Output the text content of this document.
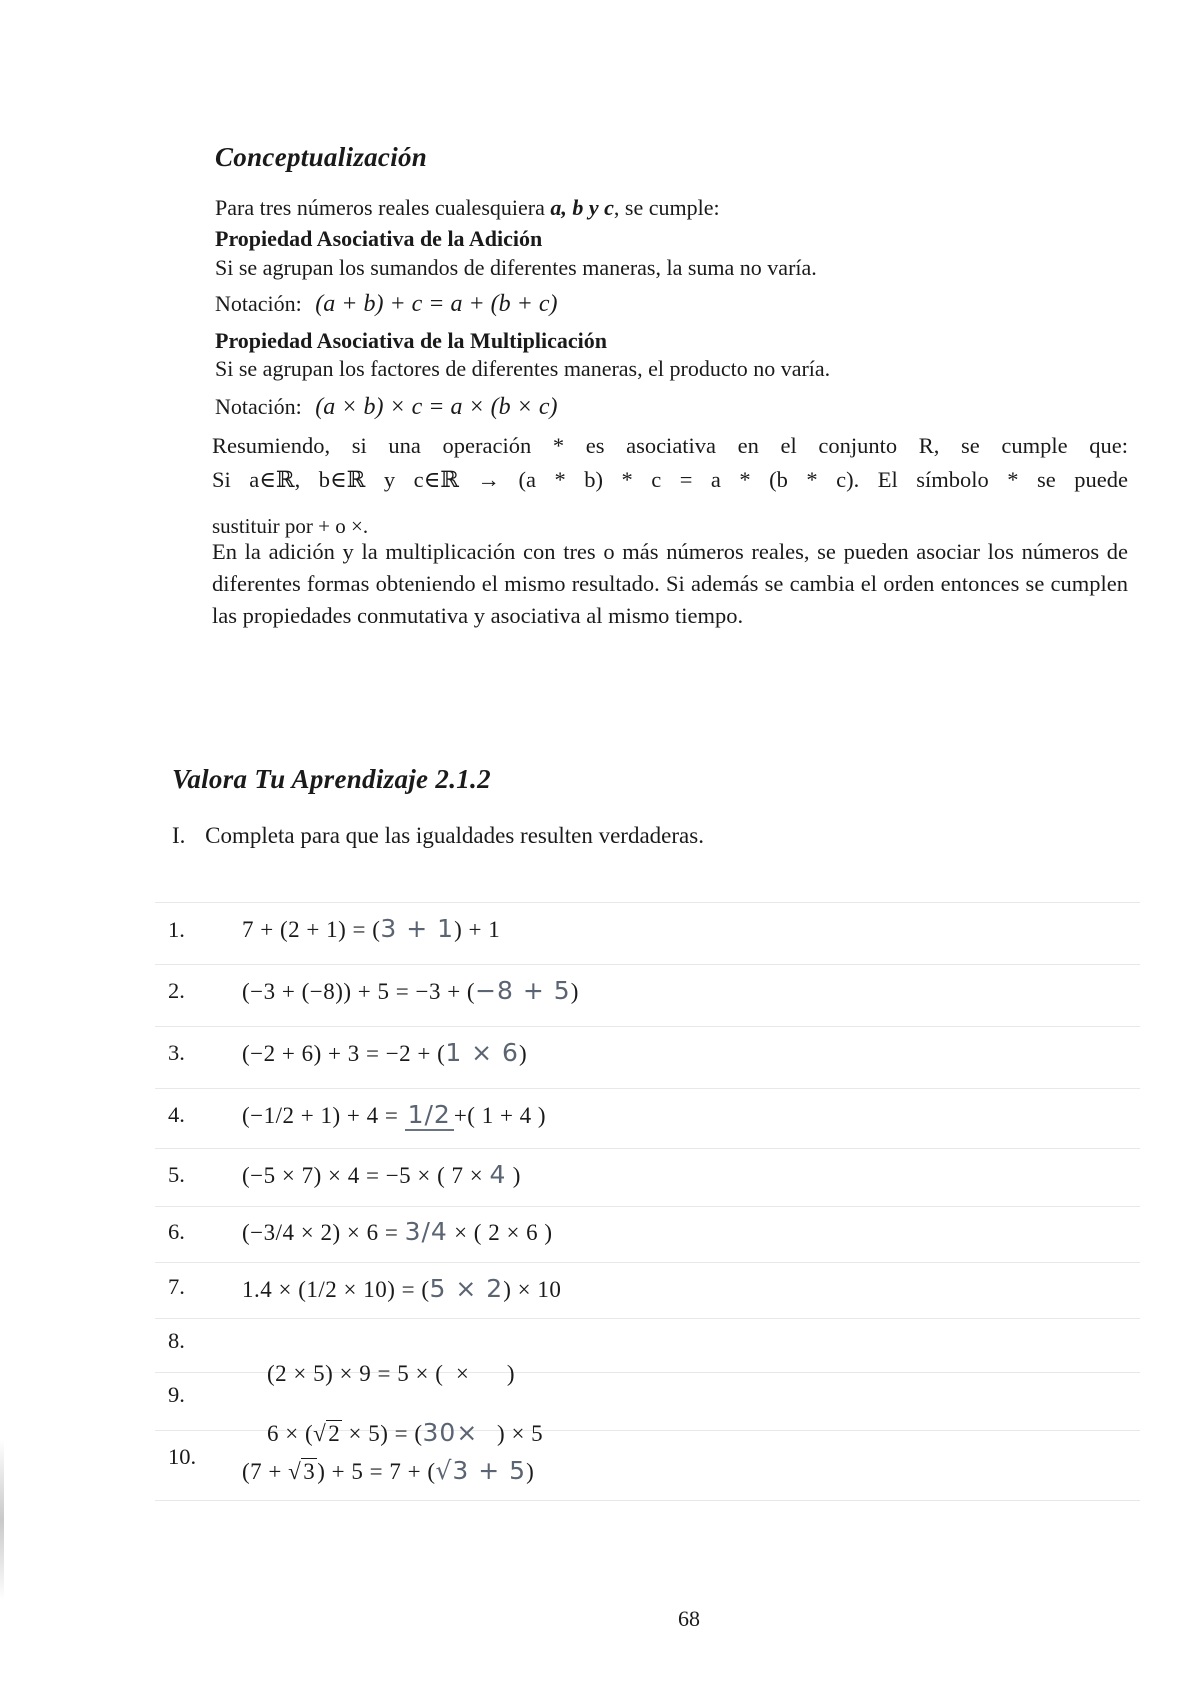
Conceptualización
Para tres números reales cualesquiera a, b y c, se cumple:
Propiedad Asociativa de la Adición
Si se agrupan los sumandos de diferentes maneras, la suma no varía.
Notación: (a + b) + c = a + (b + c)
Propiedad Asociativa de la Multiplicación
Si se agrupan los factores de diferentes maneras, el producto no varía.
Notación: (a × b) × c = a × (b × c)
Resumiendo, si una operación * es asociativa en el conjunto R, se cumple que:
Si a∈ℝ, b∈ℝ y c∈ℝ → (a * b) * c = a * (b * c). El símbolo * se puede
sustituir por + o ×.
En la adición y la multiplicación con tres o más números reales, se pueden asociar los números de diferentes formas obteniendo el mismo resultado. Si además se cambia el orden entonces se cumplen las propiedades conmutativa y asociativa al mismo tiempo.
Valora Tu Aprendizaje 2.1.2
I. Completa para que las igualdades resulten verdaderas.
1. 7 + (2 + 1) = (3 + 1) + 1
2. (−3 + (−8)) + 5 = −3 + (−8 + 5)
3. (−2 + 6) + 3 = −2 + (1 × 6)
4. (−1/2 + 1) + 4 = 1/2 +( 1 + 4 )
5. (−5 × 7) × 4 = −5 × ( 7 × 4 )
6. (−3/4 × 2) × 6 = 3/4 × ( 2 × 6 )
7. 1.4 × (1/2 × 10) = (5 × 2) × 10
8.

(2 × 5) × 9 = 5 × (  ×      )

9.

6 × (√2 × 5) = (30×   ) × 5

10.
(7 + √3) + 5 = 7 + (√3 + 5)
68
